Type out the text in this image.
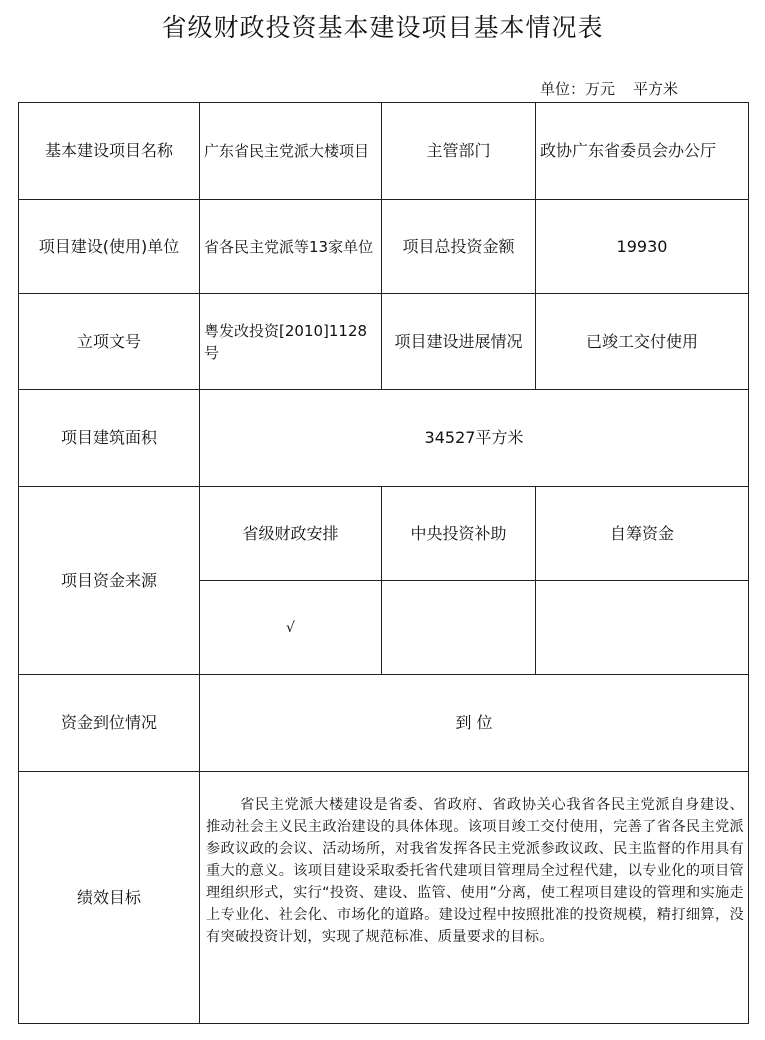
省级财政投资基本建设项目基本情况表
单位：万元 平方米
基本建设项目名称	广东省民主党派大楼项目	主管部门	政协广东省委员会办公厅
项目建设(使用)单位	省各民主党派等13家单位	项目总投资金额	19930
立项文号	粤发改投资[2010]1128号	项目建设进展情况	已竣工交付使用
项目建筑面积	34527平方米		
项目资金来源	省级财政安排	中央投资补助	自筹资金
	√		
资金到位情况	到 位		
绩效目标	省民主党派大楼建设是省委、省政府、省政协关心我省各民主党派自身建设、推动社会主义民主政治建设的具体体现。该项目竣工交付使用，完善了省各民主党派参政议政的会议、活动场所，对我省发挥各民主党派参政议政、民主监督的作用具有重大的意义。该项目建设采取委托省代建项目管理局全过程代建，以专业化的项目管理组织形式，实行“投资、建设、监管、使用”分离，使工程项目建设的管理和实施走上专业化、社会化、市场化的道路。建设过程中按照批准的投资规模，精打细算，没有突破投资计划，实现了规范标准、质量要求的目标。		
